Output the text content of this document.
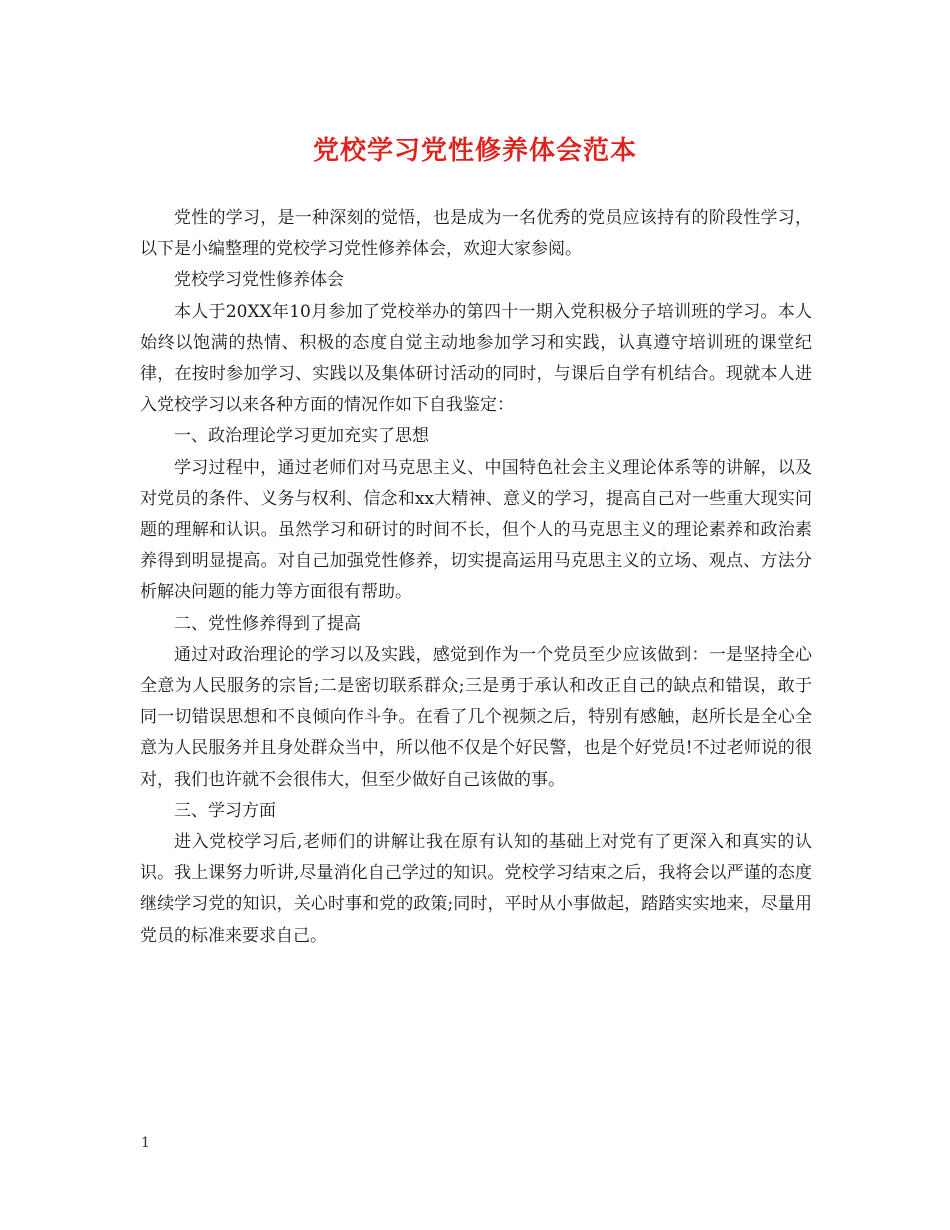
党校学习党性修养体会范本

党性的学习，是一种深刻的觉悟，也是成为一名优秀的党员应该持有的阶段性学习，以下是小编整理的党校学习党性修养体会，欢迎大家参阅。

党校学习党性修养体会

本人于20XX年10月参加了党校举办的第四十一期入党积极分子培训班的学习。本人始终以饱满的热情、积极的态度自觉主动地参加学习和实践，认真遵守培训班的课堂纪律，在按时参加学习、实践以及集体研讨活动的同时，与课后自学有机结合。现就本人进入党校学习以来各种方面的情况作如下自我鉴定：

一、政治理论学习更加充实了思想

学习过程中，通过老师们对马克思主义、中国特色社会主义理论体系等的讲解，以及对党员的条件、义务与权利、信念和xx大精神、意义的学习，提高自己对一些重大现实问题的理解和认识。虽然学习和研讨的时间不长，但个人的马克思主义的理论素养和政治素养得到明显提高。对自己加强党性修养，切实提高运用马克思主义的立场、观点、方法分析解决问题的能力等方面很有帮助。

二、党性修养得到了提高

通过对政治理论的学习以及实践，感觉到作为一个党员至少应该做到：一是坚持全心全意为人民服务的宗旨;二是密切联系群众;三是勇于承认和改正自己的缺点和错误，敢于同一切错误思想和不良倾向作斗争。在看了几个视频之后，特别有感触，赵所长是全心全意为人民服务并且身处群众当中，所以他不仅是个好民警，也是个好党员!不过老师说的很对，我们也许就不会很伟大，但至少做好自己该做的事。

三、学习方面

进入党校学习后,老师们的讲解让我在原有认知的基础上对党有了更深入和真实的认识。我上课努力听讲,尽量消化自己学过的知识。党校学习结束之后，我将会以严谨的态度继续学习党的知识，关心时事和党的政策;同时，平时从小事做起，踏踏实实地来，尽量用党员的标准来要求自己。

1
